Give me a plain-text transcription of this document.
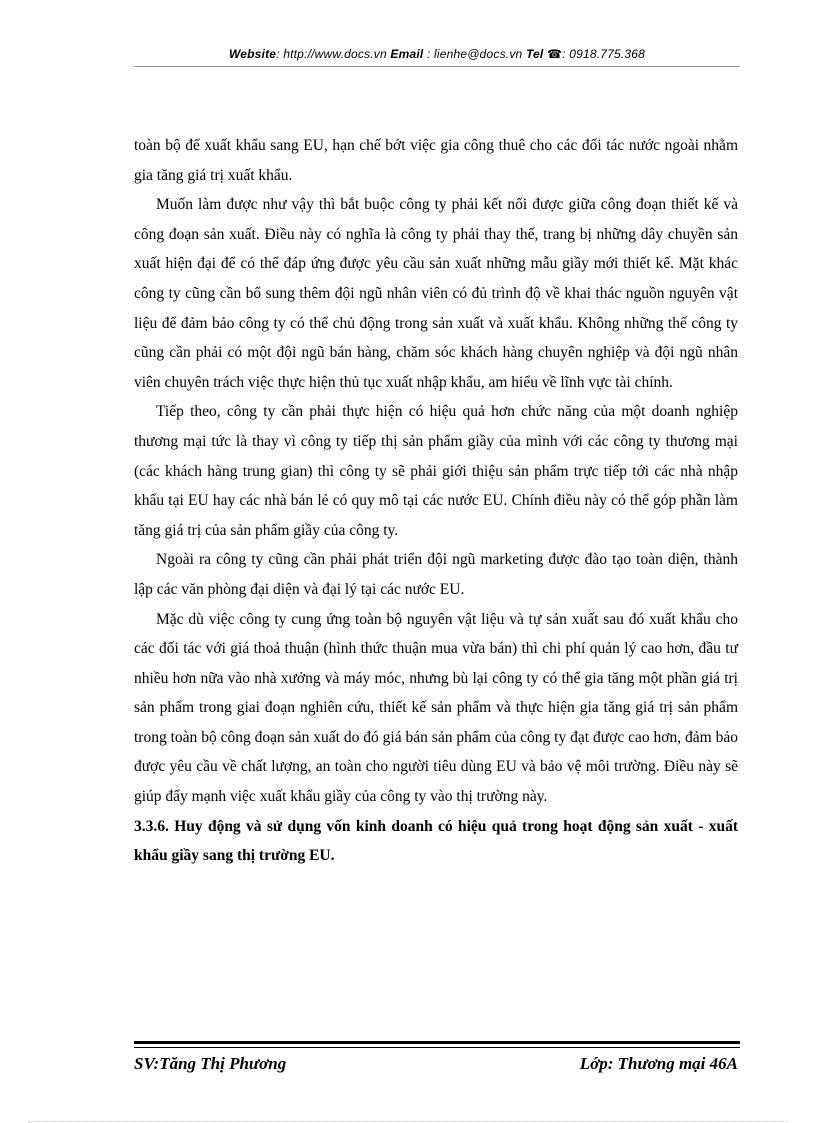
Website: http://www.docs.vn Email : lienhe@docs.vn Tel ☎: 0918.775.368

toàn bộ để xuất khẩu sang EU, hạn chế bớt việc gia công thuê cho các đối tác nước ngoài nhằm gia tăng giá trị xuất khẩu.

Muốn làm được như vậy thì bắt buộc công ty phải kết nối được giữa công đoạn thiết kế và công đoạn sản xuất. Điều này có nghĩa là công ty phải thay thế, trang bị những dây chuyền sản xuất hiện đại để có thể đáp ứng được yêu cầu sản xuất những mẫu giầy mới thiết kế. Mặt khác công ty cũng cần bổ sung thêm đội ngũ nhân viên có đủ trình độ về khai thác nguồn nguyên vật liệu để đảm bảo công ty có thể chủ động trong sản xuất và xuất khẩu. Không những thế công ty cũng cần phải có một đội ngũ bán hàng, chăm sóc khách hàng chuyên nghiệp và đội ngũ nhân viên chuyên trách việc thực hiện thủ tục xuất nhập khẩu, am hiểu về lĩnh vực tài chính.

Tiếp theo, công ty cần phải thực hiện có hiệu quả hơn chức năng của một doanh nghiệp thương mại tức là thay vì công ty tiếp thị sản phẩm giầy của mình với các công ty thương mại (các khách hàng trung gian) thì công ty sẽ phải giới thiệu sản phẩm trực tiếp tới các nhà nhập khẩu tại EU hay các nhà bán lẻ có quy mô tại các nước EU. Chính điều này có thể góp phần làm tăng giá trị của sản phẩm giầy của công ty.

Ngoài ra công ty cũng cần phải phát triển đội ngũ marketing được đào tạo toàn diện, thành lập các văn phòng đại diện và đại lý tại các nước EU.

Mặc dù việc công ty cung ứng toàn bộ nguyên vật liệu và tự sản xuất sau đó xuất khẩu cho các đối tác với giá thoả thuận (hình thức thuận mua vừa bán) thì chi phí quản lý cao hơn, đầu tư nhiều hơn nữa vào nhà xưởng và máy móc, nhưng bù lại công ty có thể gia tăng một phần giá trị sản phẩm trong giai đoạn nghiên cứu, thiết kế sản phẩm và thực hiện gia tăng giá trị sản phẩm trong toàn bộ công đoạn sản xuất do đó giá bán sản phẩm của công ty đạt được cao hơn, đảm bảo được yêu cầu về chất lượng, an toàn cho người tiêu dùng EU và bảo vệ môi trường. Điều này sẽ giúp đẩy mạnh việc xuất khẩu giầy của công ty vào thị trường này.

3.3.6. Huy động và sử dụng vốn kinh doanh có hiệu quả trong hoạt động sản xuất - xuất khẩu giầy sang thị trường EU.

SV:Tăng Thị Phương	Lớp: Thương mại 46A
